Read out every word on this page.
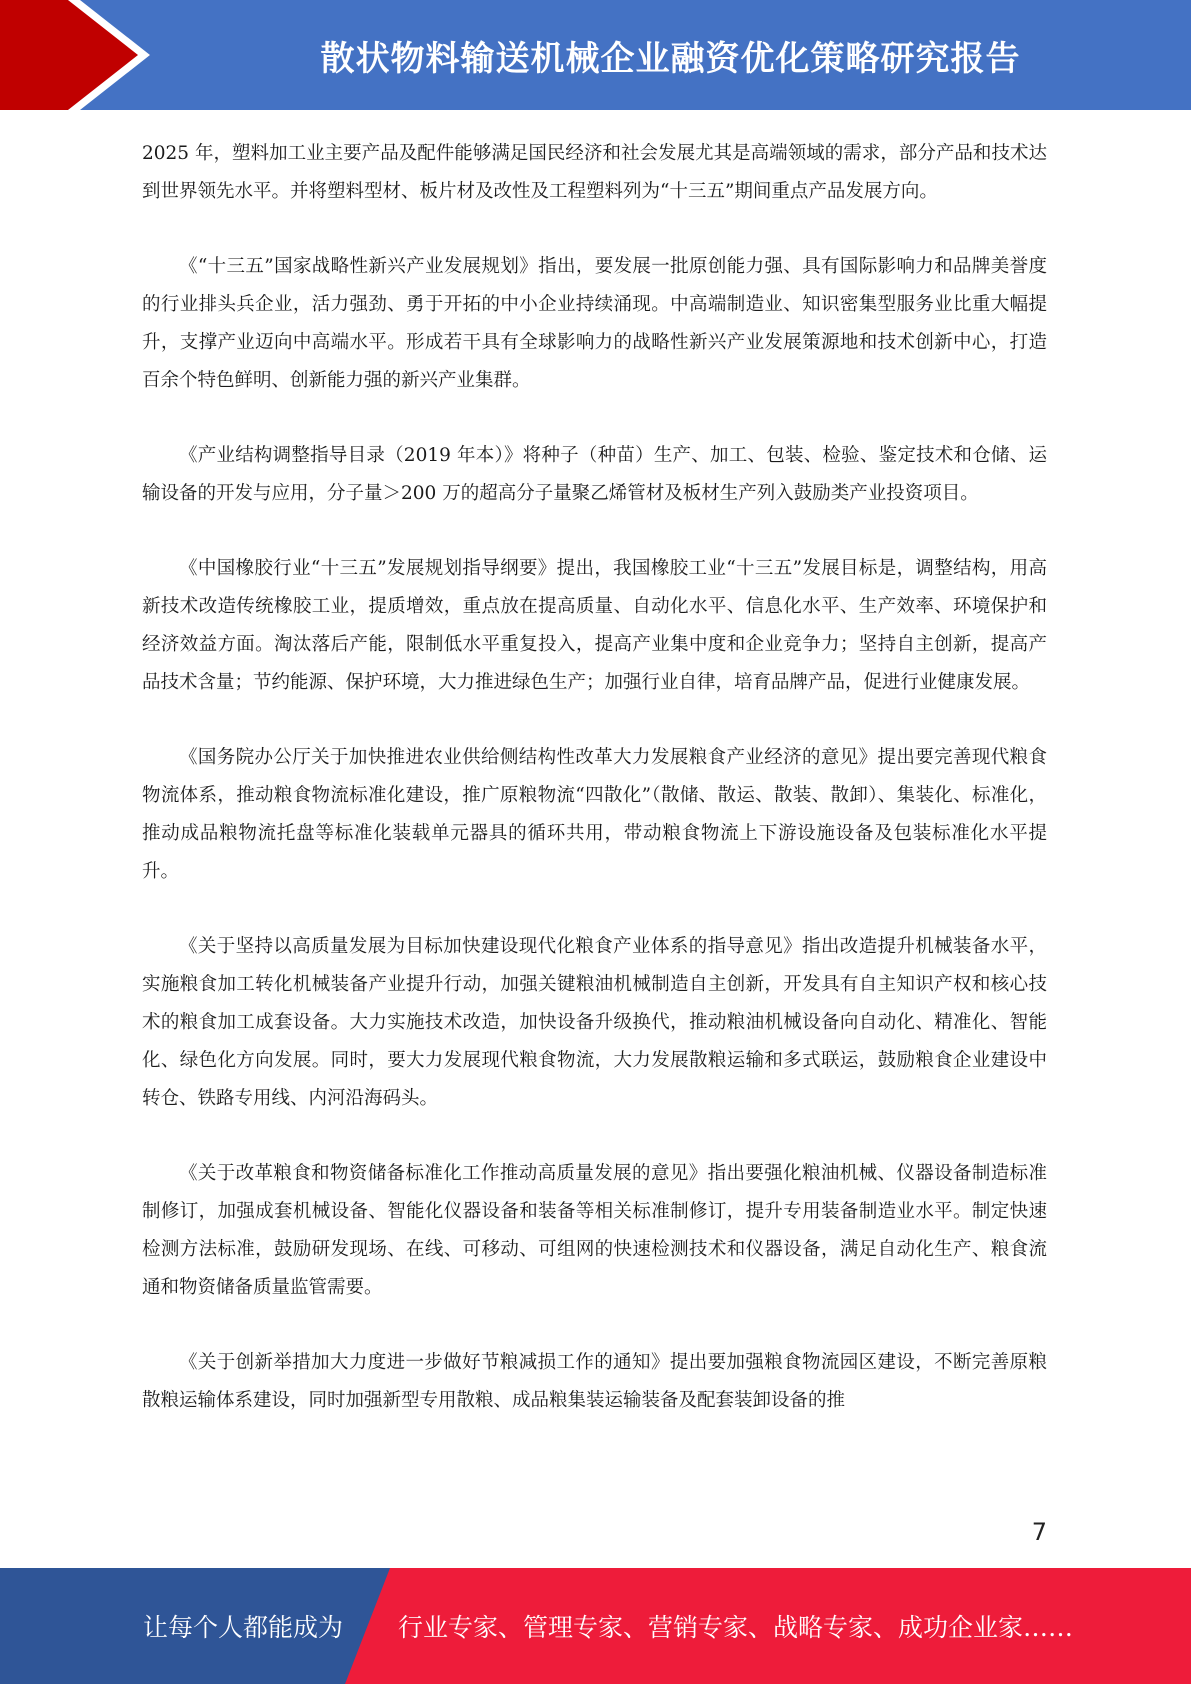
散状物料输送机械企业融资优化策略研究报告

2025 年，塑料加工业主要产品及配件能够满足国民经济和社会发展尤其是高端领域的需求，部分产品和技术达到世界领先水平。并将塑料型材、板片材及改性及工程塑料列为“十三五”期间重点产品发展方向。

《“十三五”国家战略性新兴产业发展规划》指出，要发展一批原创能力强、具有国际影响力和品牌美誉度的行业排头兵企业，活力强劲、勇于开拓的中小企业持续涌现。中高端制造业、知识密集型服务业比重大幅提升，支撑产业迈向中高端水平。形成若干具有全球影响力的战略性新兴产业发展策源地和技术创新中心，打造百余个特色鲜明、创新能力强的新兴产业集群。

《产业结构调整指导目录（2019 年本）》将种子（种苗）生产、加工、包装、检验、鉴定技术和仓储、运输设备的开发与应用，分子量＞200 万的超高分子量聚乙烯管材及板材生产列入鼓励类产业投资项目。

《中国橡胶行业“十三五”发展规划指导纲要》提出，我国橡胶工业“十三五”发展目标是，调整结构，用高新技术改造传统橡胶工业，提质增效，重点放在提高质量、自动化水平、信息化水平、生产效率、环境保护和经济效益方面。淘汰落后产能，限制低水平重复投入，提高产业集中度和企业竞争力；坚持自主创新，提高产品技术含量；节约能源、保护环境，大力推进绿色生产；加强行业自律，培育品牌产品，促进行业健康发展。

《国务院办公厅关于加快推进农业供给侧结构性改革大力发展粮食产业经济的意见》提出要完善现代粮食物流体系，推动粮食物流标准化建设，推广原粮物流“四散化”（散储、散运、散装、散卸）、集装化、标准化，推动成品粮物流托盘等标准化装载单元器具的循环共用，带动粮食物流上下游设施设备及包装标准化水平提升。

《关于坚持以高质量发展为目标加快建设现代化粮食产业体系的指导意见》指出改造提升机械装备水平，实施粮食加工转化机械装备产业提升行动，加强关键粮油机械制造自主创新，开发具有自主知识产权和核心技术的粮食加工成套设备。大力实施技术改造，加快设备升级换代，推动粮油机械设备向自动化、精准化、智能化、绿色化方向发展。同时，要大力发展现代粮食物流，大力发展散粮运输和多式联运，鼓励粮食企业建设中转仓、铁路专用线、内河沿海码头。

《关于改革粮食和物资储备标准化工作推动高质量发展的意见》指出要强化粮油机械、仪器设备制造标准制修订，加强成套机械设备、智能化仪器设备和装备等相关标准制修订，提升专用装备制造业水平。制定快速检测方法标准，鼓励研发现场、在线、可移动、可组网的快速检测技术和仪器设备，满足自动化生产、粮食流通和物资储备质量监管需要。

《关于创新举措加大力度进一步做好节粮减损工作的通知》提出要加强粮食物流园区建设，不断完善原粮散粮运输体系建设，同时加强新型专用散粮、成品粮集装运输装备及配套装卸设备的推

7
让每个人都能成为 行业专家、管理专家、营销专家、战略专家、成功企业家……
